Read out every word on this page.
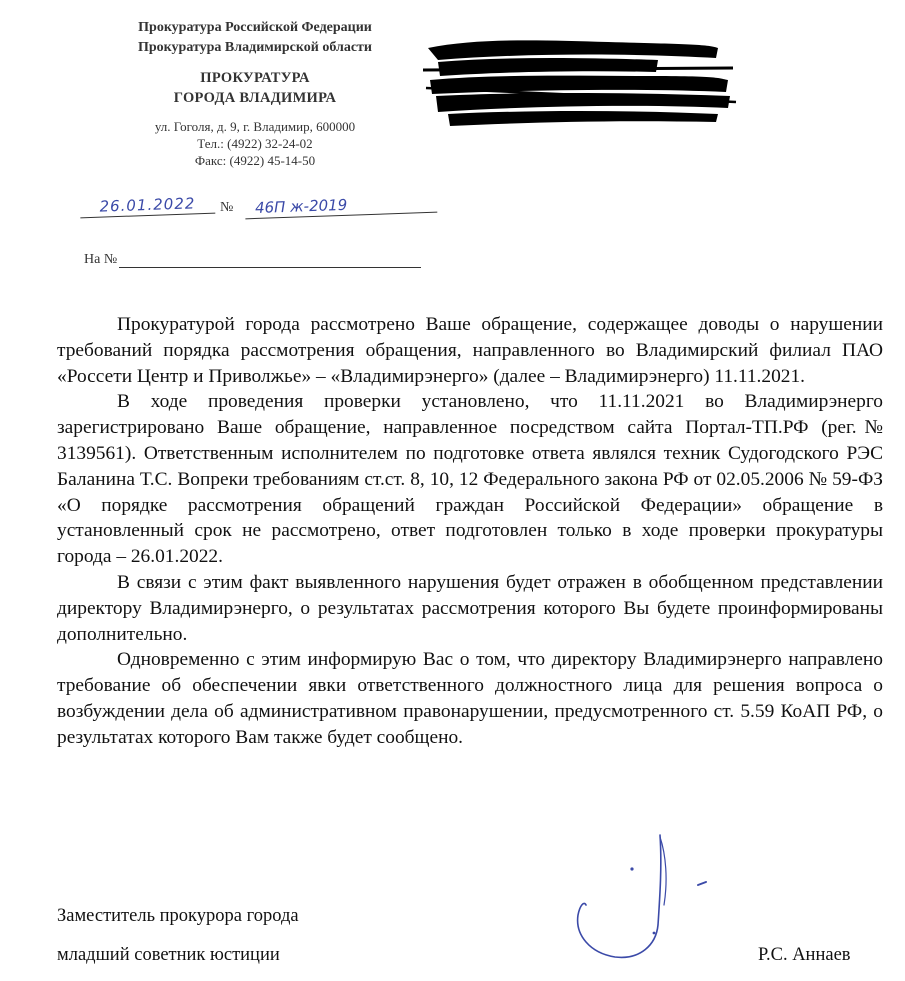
Прокуратура Российской Федерации
Прокуратура Владимирской области
ПРОКУРАТУРА
ГОРОДА ВЛАДИМИРА
ул. Гоголя, д. 9, г. Владимир, 600000
Тел.: (4922) 32-24-02
Факс: (4922) 45-14-50
26.01.2022	№	46П ж-2019
На №

Прокуратурой города рассмотрено Ваше обращение, содержащее доводы о нарушении требований порядка рассмотрения обращения, направленного во Владимирский филиал ПАО «Россети Центр и Приволжье» – «Владимирэнерго» (далее – Владимирэнерго) 11.11.2021.

В ходе проведения проверки установлено, что 11.11.2021 во Владимирэнерго зарегистрировано Ваше обращение, направленное посредством сайта Портал-ТП.РФ (рег.№ 3139561). Ответственным исполнителем по подготовке ответа являлся техник Судогодского РЭС Баланина Т.С. Вопреки требованиям ст.ст. 8, 10, 12 Федерального закона РФ от 02.05.2006 № 59-ФЗ «О порядке рассмотрения обращений граждан Российской Федерации» обращение в установленный срок не рассмотрено, ответ подготовлен только в ходе проверки прокуратуры города – 26.01.2022.

В связи с этим факт выявленного нарушения будет отражен в обобщенном представлении директору Владимирэнерго, о результатах рассмотрения которого Вы будете проинформированы дополнительно.

Одновременно с этим информирую Вас о том, что директору Владимирэнерго направлено требование об обеспечении явки ответственного должностного лица для решения вопроса о возбуждении дела об административном правонарушении, предусмотренного ст. 5.59 КоАП РФ, о результатах которого Вам также будет сообщено.

Заместитель прокурора города
младший советник юстиции	Р.С. Аннаев
